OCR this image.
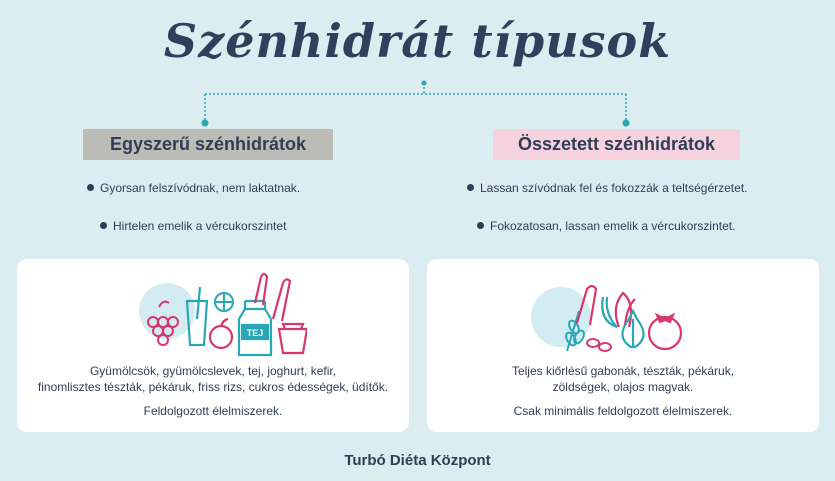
Szénhidrát típusok
Egyszerű szénhidrátok	Összetett szénhidrátok
Gyorsan felszívódnak, nem laktatnak.
Hirtelen emelik a vércukorszintet
Lassan szívódnak fel és fokozzák a teltségérzetet.
Fokozatosan, lassan emelik a vércukorszintet.
TEJ
Gyümölcsök, gyümölcslevek, tej, joghurt, kefir,
finomlisztes tészták, pékáruk, friss rizs, cukros édességek, üdítők.
Feldolgozott élelmiszerek.
Teljes kiőrlésű gabonák, tészták, pékáruk,
zöldségek, olajos magvak.
Csak minimális feldolgozott élelmiszerek.
Turbó Diéta Központ
